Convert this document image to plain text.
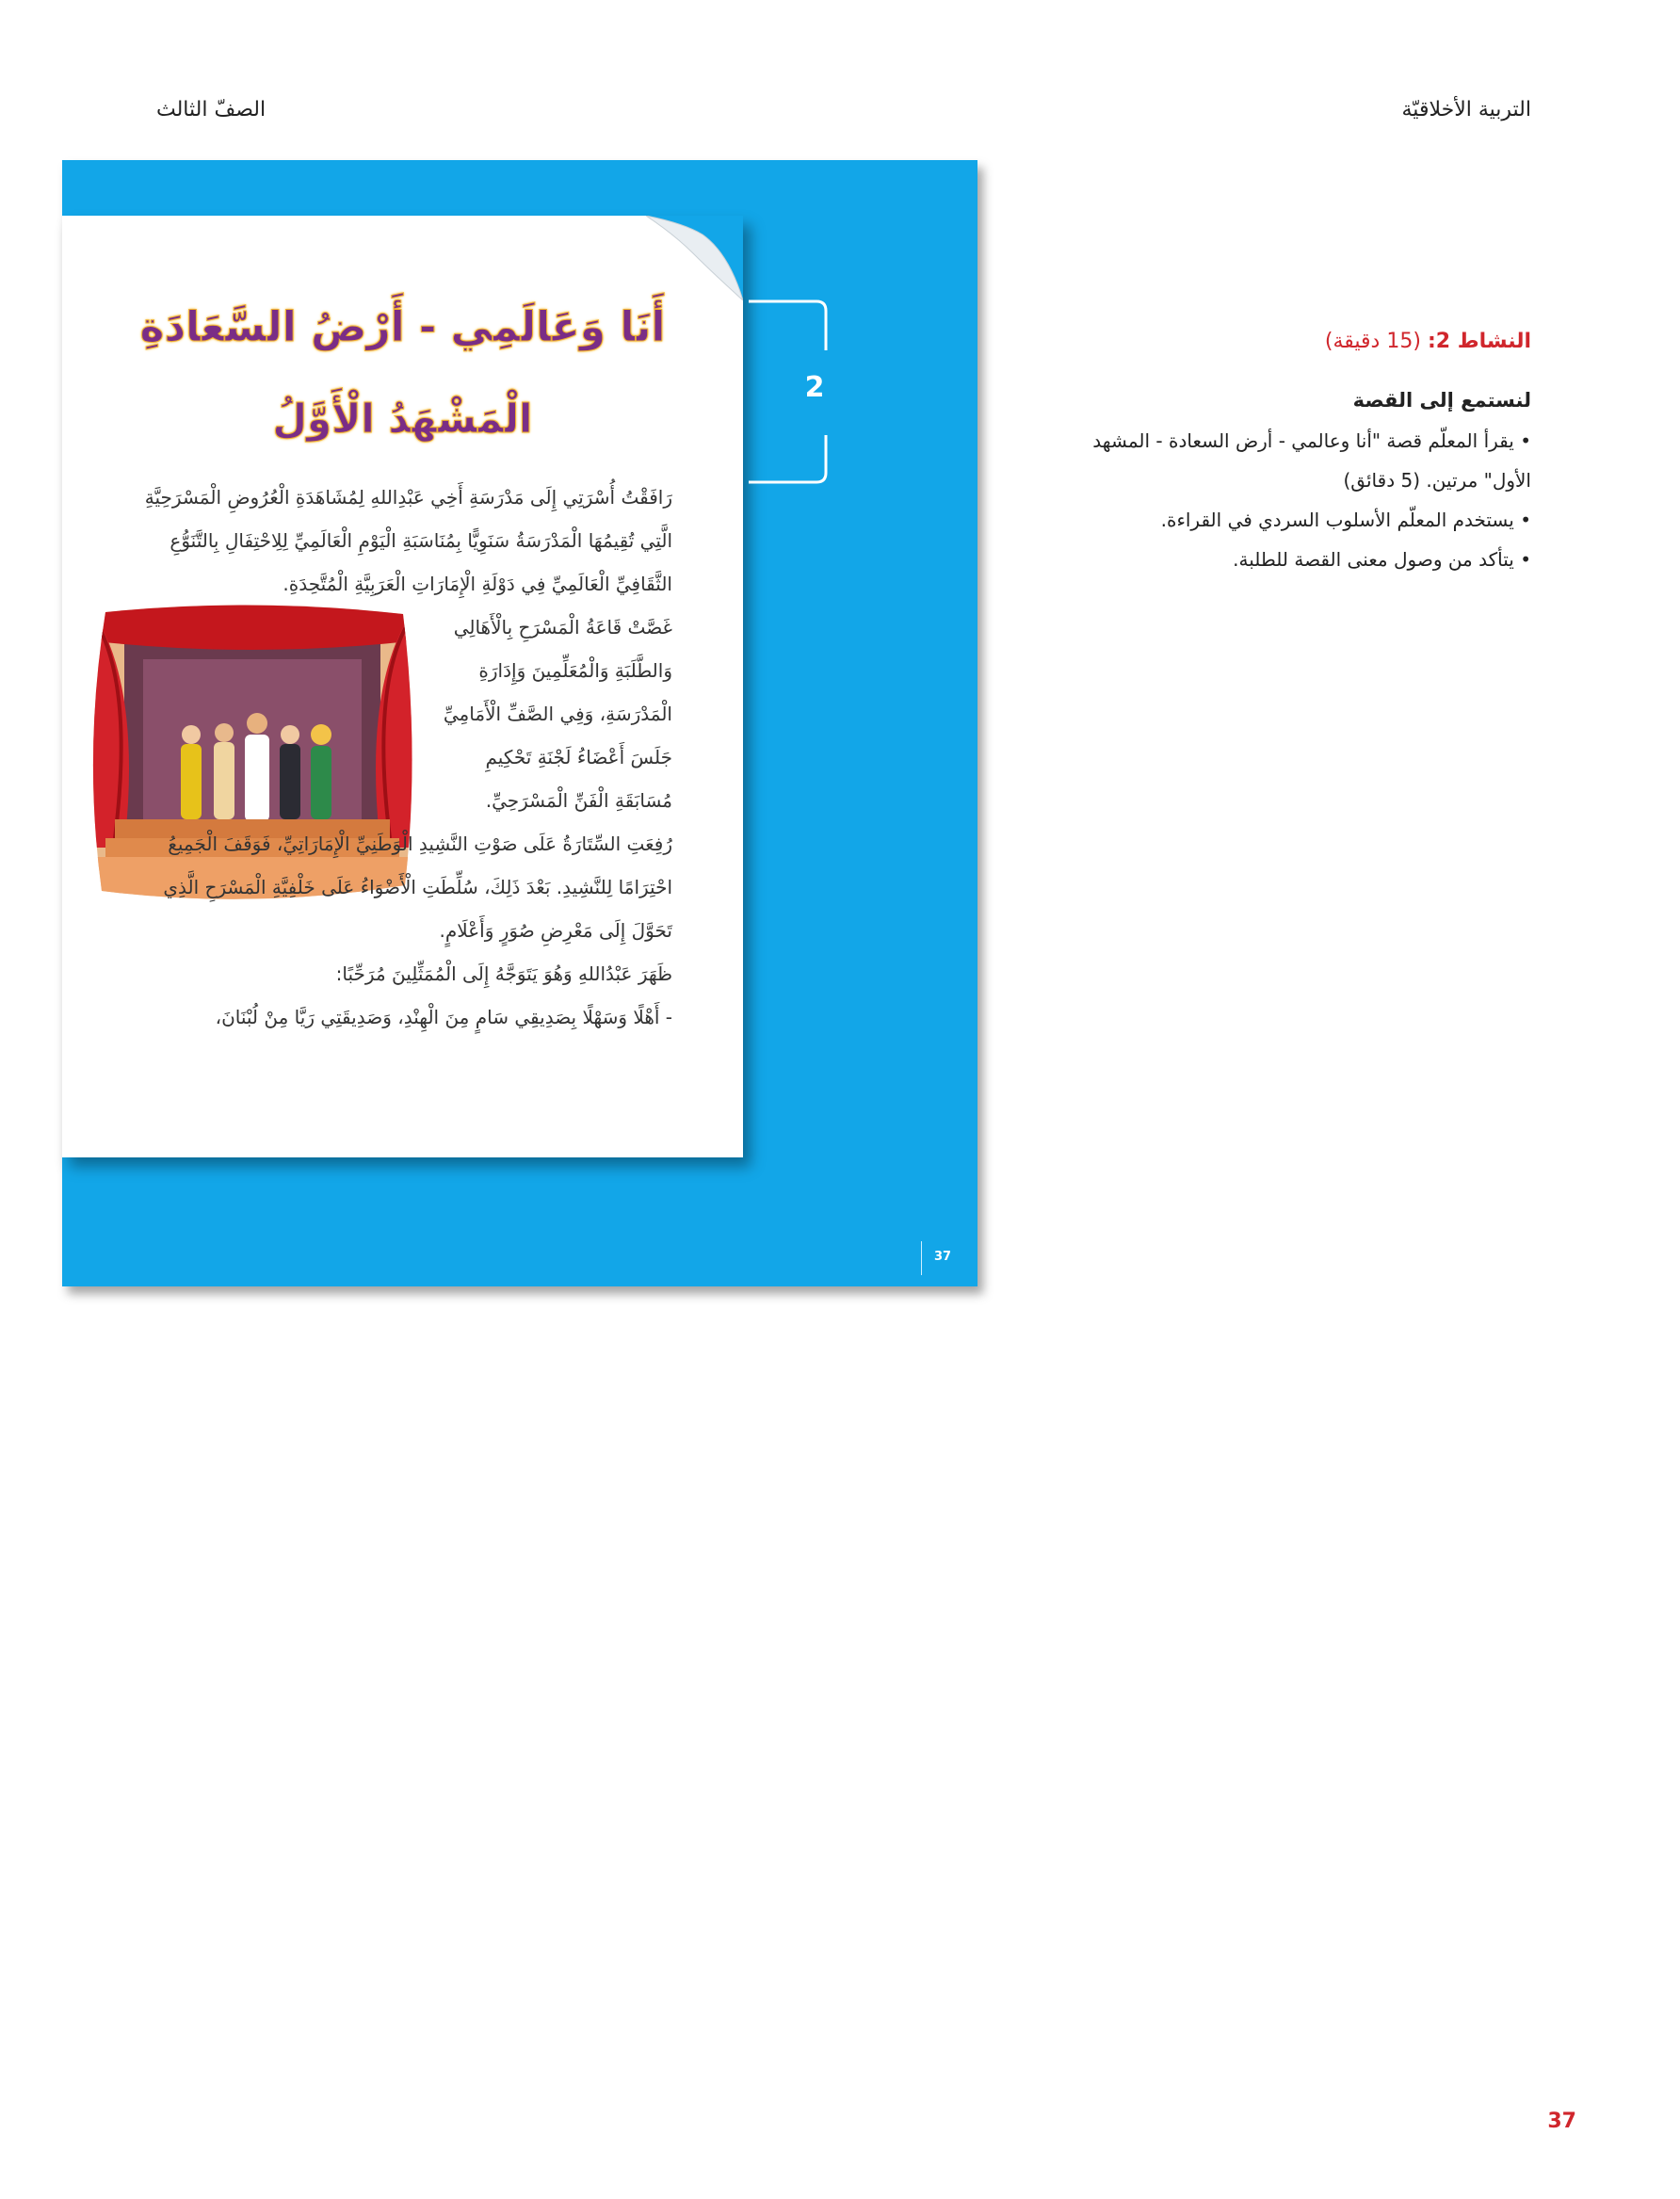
التربية الأخلاقيّة
الصفّ الثالث
أَنَا وَعَالَمِي - أَرْضُ السَّعَادَةِ
الْمَشْهَدُ الْأَوَّلُ

رَافَقْتُ أُسْرَتِي إِلَى مَدْرَسَةِ أَخِي عَبْدِاللهِ لِمُشَاهَدَةِ الْعُرُوضِ الْمَسْرَحِيَّةِ الَّتِي تُقِيمُهَا الْمَدْرَسَةُ سَنَوِيًّا بِمُنَاسَبَةِ الْيَوْمِ الْعَالَمِيِّ لِلِاحْتِفَالِ بِالتَّنَوُّعِ الثَّقَافِيِّ الْعَالَمِيِّ فِي دَوْلَةِ الْإِمَارَاتِ الْعَرَبِيَّةِ الْمُتَّحِدَةِ.

غَصَّتْ قَاعَةُ الْمَسْرَحِ بِالْأَهَالِي وَالطَّلَبَةِ وَالْمُعَلِّمِينَ وَإِدَارَةِ الْمَدْرَسَةِ، وَفِي الصَّفِّ الْأَمَامِيِّ جَلَسَ أَعْضَاءُ لَجْنَةِ تَحْكِيمِ مُسَابَقَةِ الْفَنِّ الْمَسْرَحِيِّ.

رُفِعَتِ السِّتَارَةُ عَلَى صَوْتِ النَّشِيدِ الْوَطَنِيِّ الْإِمَارَاتِيِّ، فَوَقَفَ الْجَمِيعُ احْتِرَامًا لِلنَّشِيدِ. بَعْدَ ذَلِكَ، سُلِّطَتِ الْأَضْوَاءُ عَلَى خَلْفِيَّةِ الْمَسْرَحِ الَّذِي تَحَوَّلَ إِلَى مَعْرِضِ صُوَرٍ وَأَعْلَامٍ.

ظَهَرَ عَبْدُاللهِ وَهُوَ يَتَوَجَّهُ إِلَى الْمُمَثِّلِينَ مُرَحِّبًا:

- أَهْلًا وَسَهْلًا بِصَدِيقِي سَامٍ مِنَ الْهِنْدِ، وَصَدِيقَتِي رَيَّا مِنْ لُبْنَانَ،

2
37
النشاط 2: (15 دقيقة)
لنستمع إلى القصة
• يقرأ المعلّم قصة "أنا وعالمي - أرض السعادة - المشهد الأول" مرتين. (5 دقائق)
• يستخدم المعلّم الأسلوب السردي في القراءة.
• يتأكد من وصول معنى القصة للطلبة.
37
